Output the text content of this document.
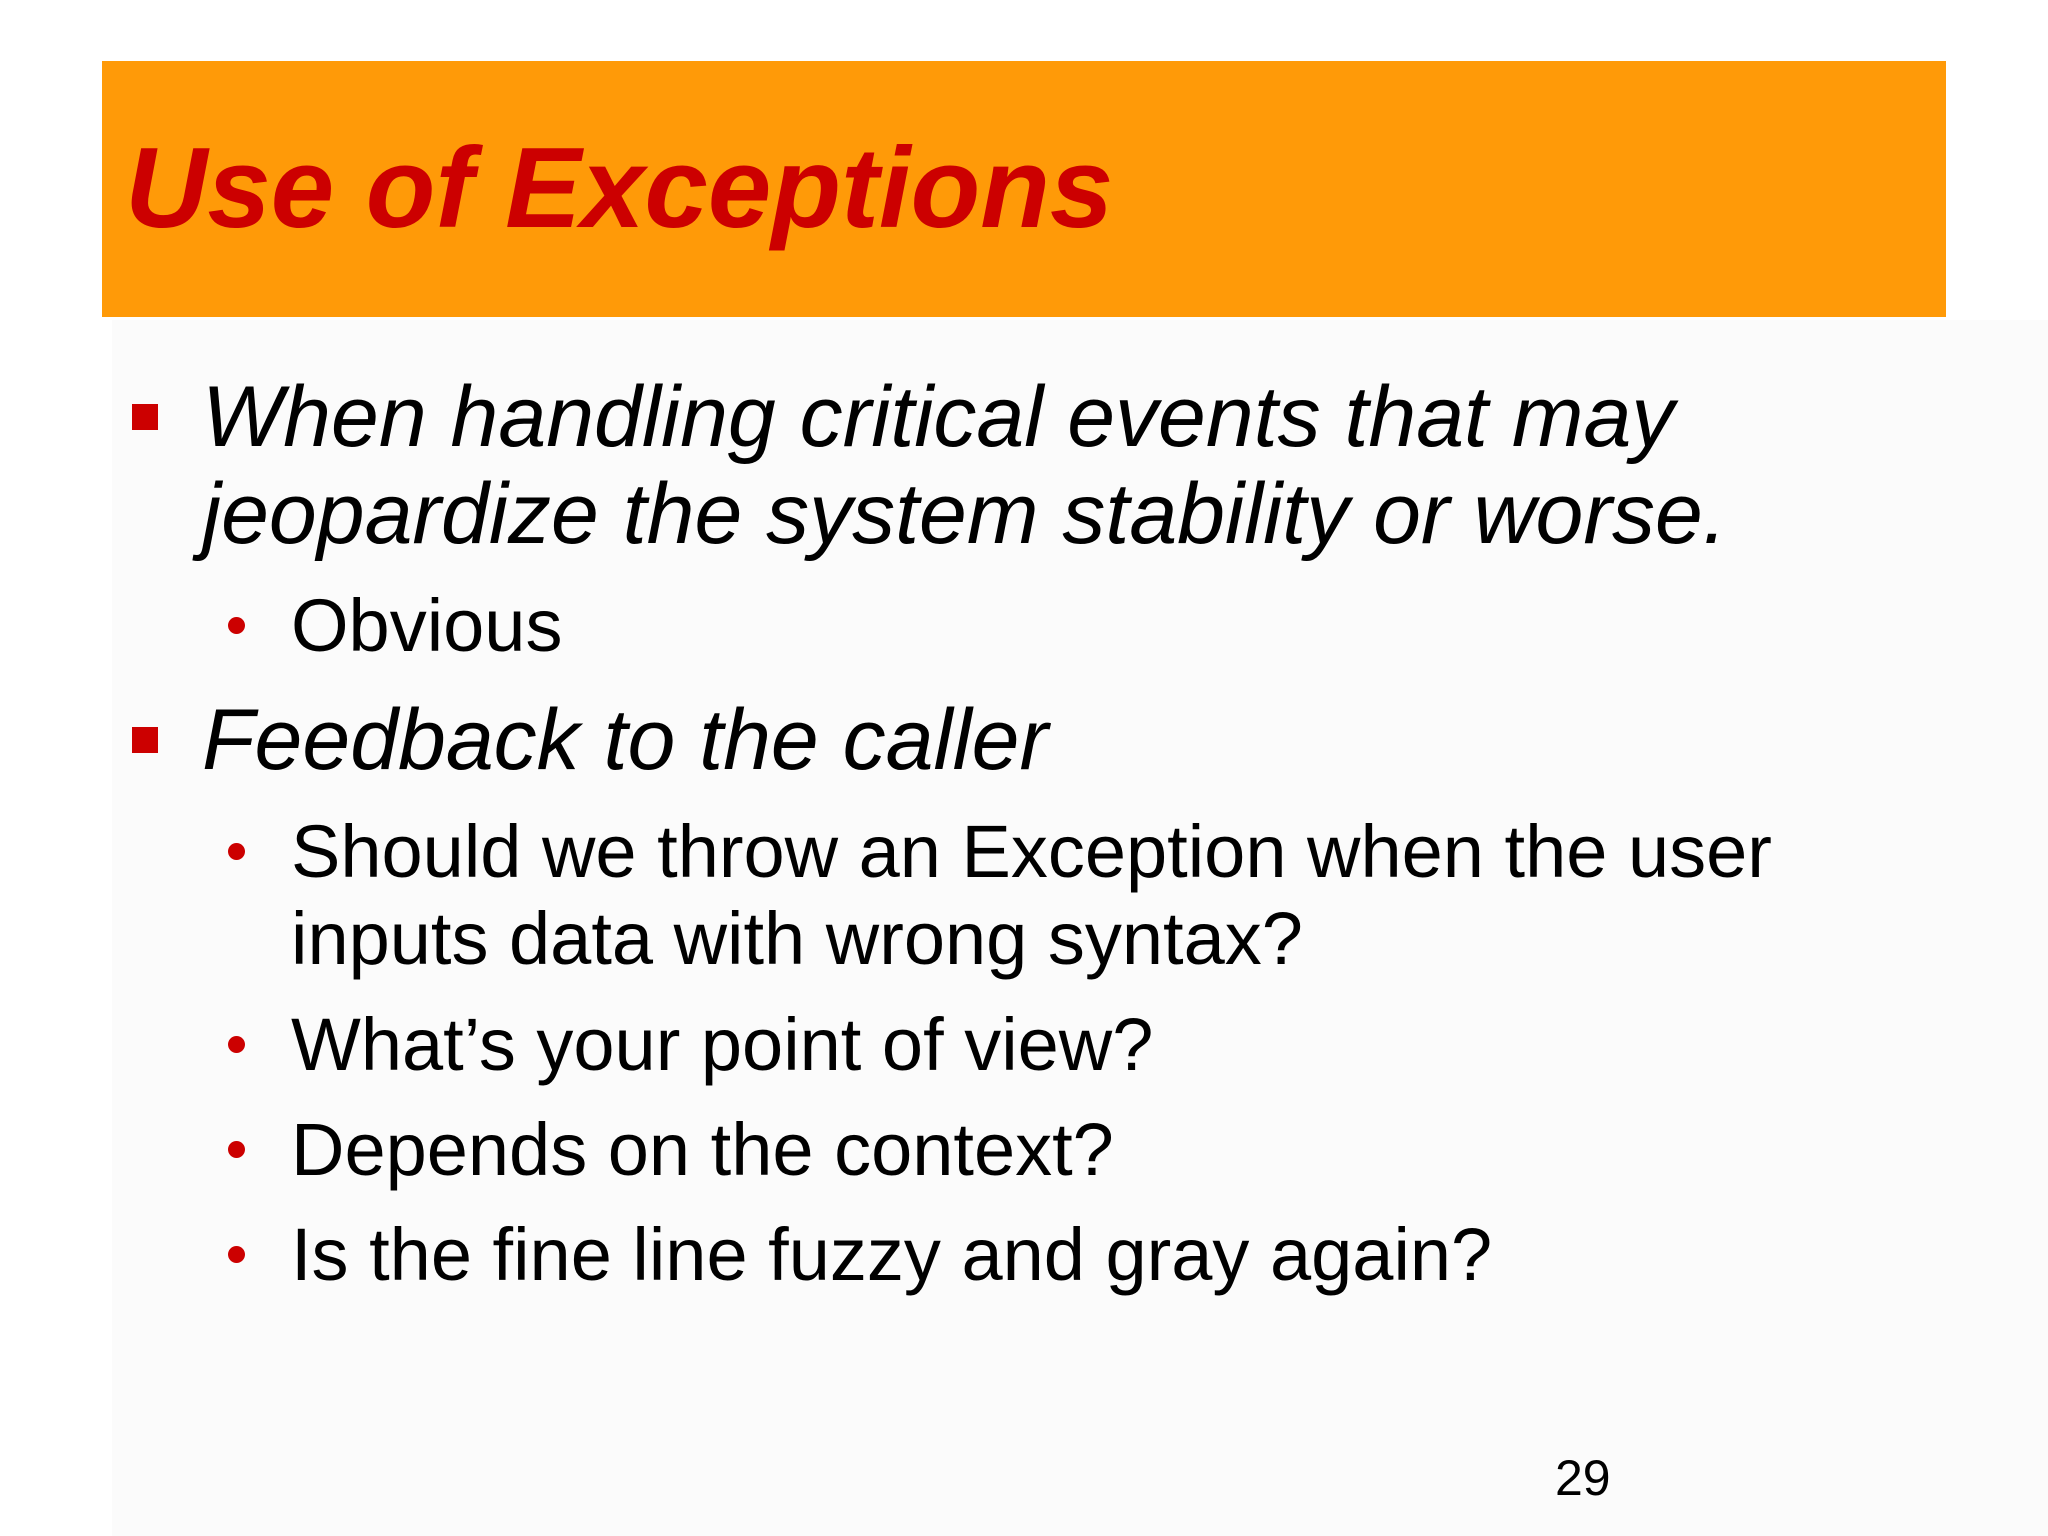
Use of Exceptions
When handling critical events that may
jeopardize the system stability or worse.
Obvious
Feedback to the caller
Should we throw an Exception when the user
inputs data with wrong syntax?
What’s your point of view?
Depends on the context?
Is the fine line fuzzy and gray again?
29
